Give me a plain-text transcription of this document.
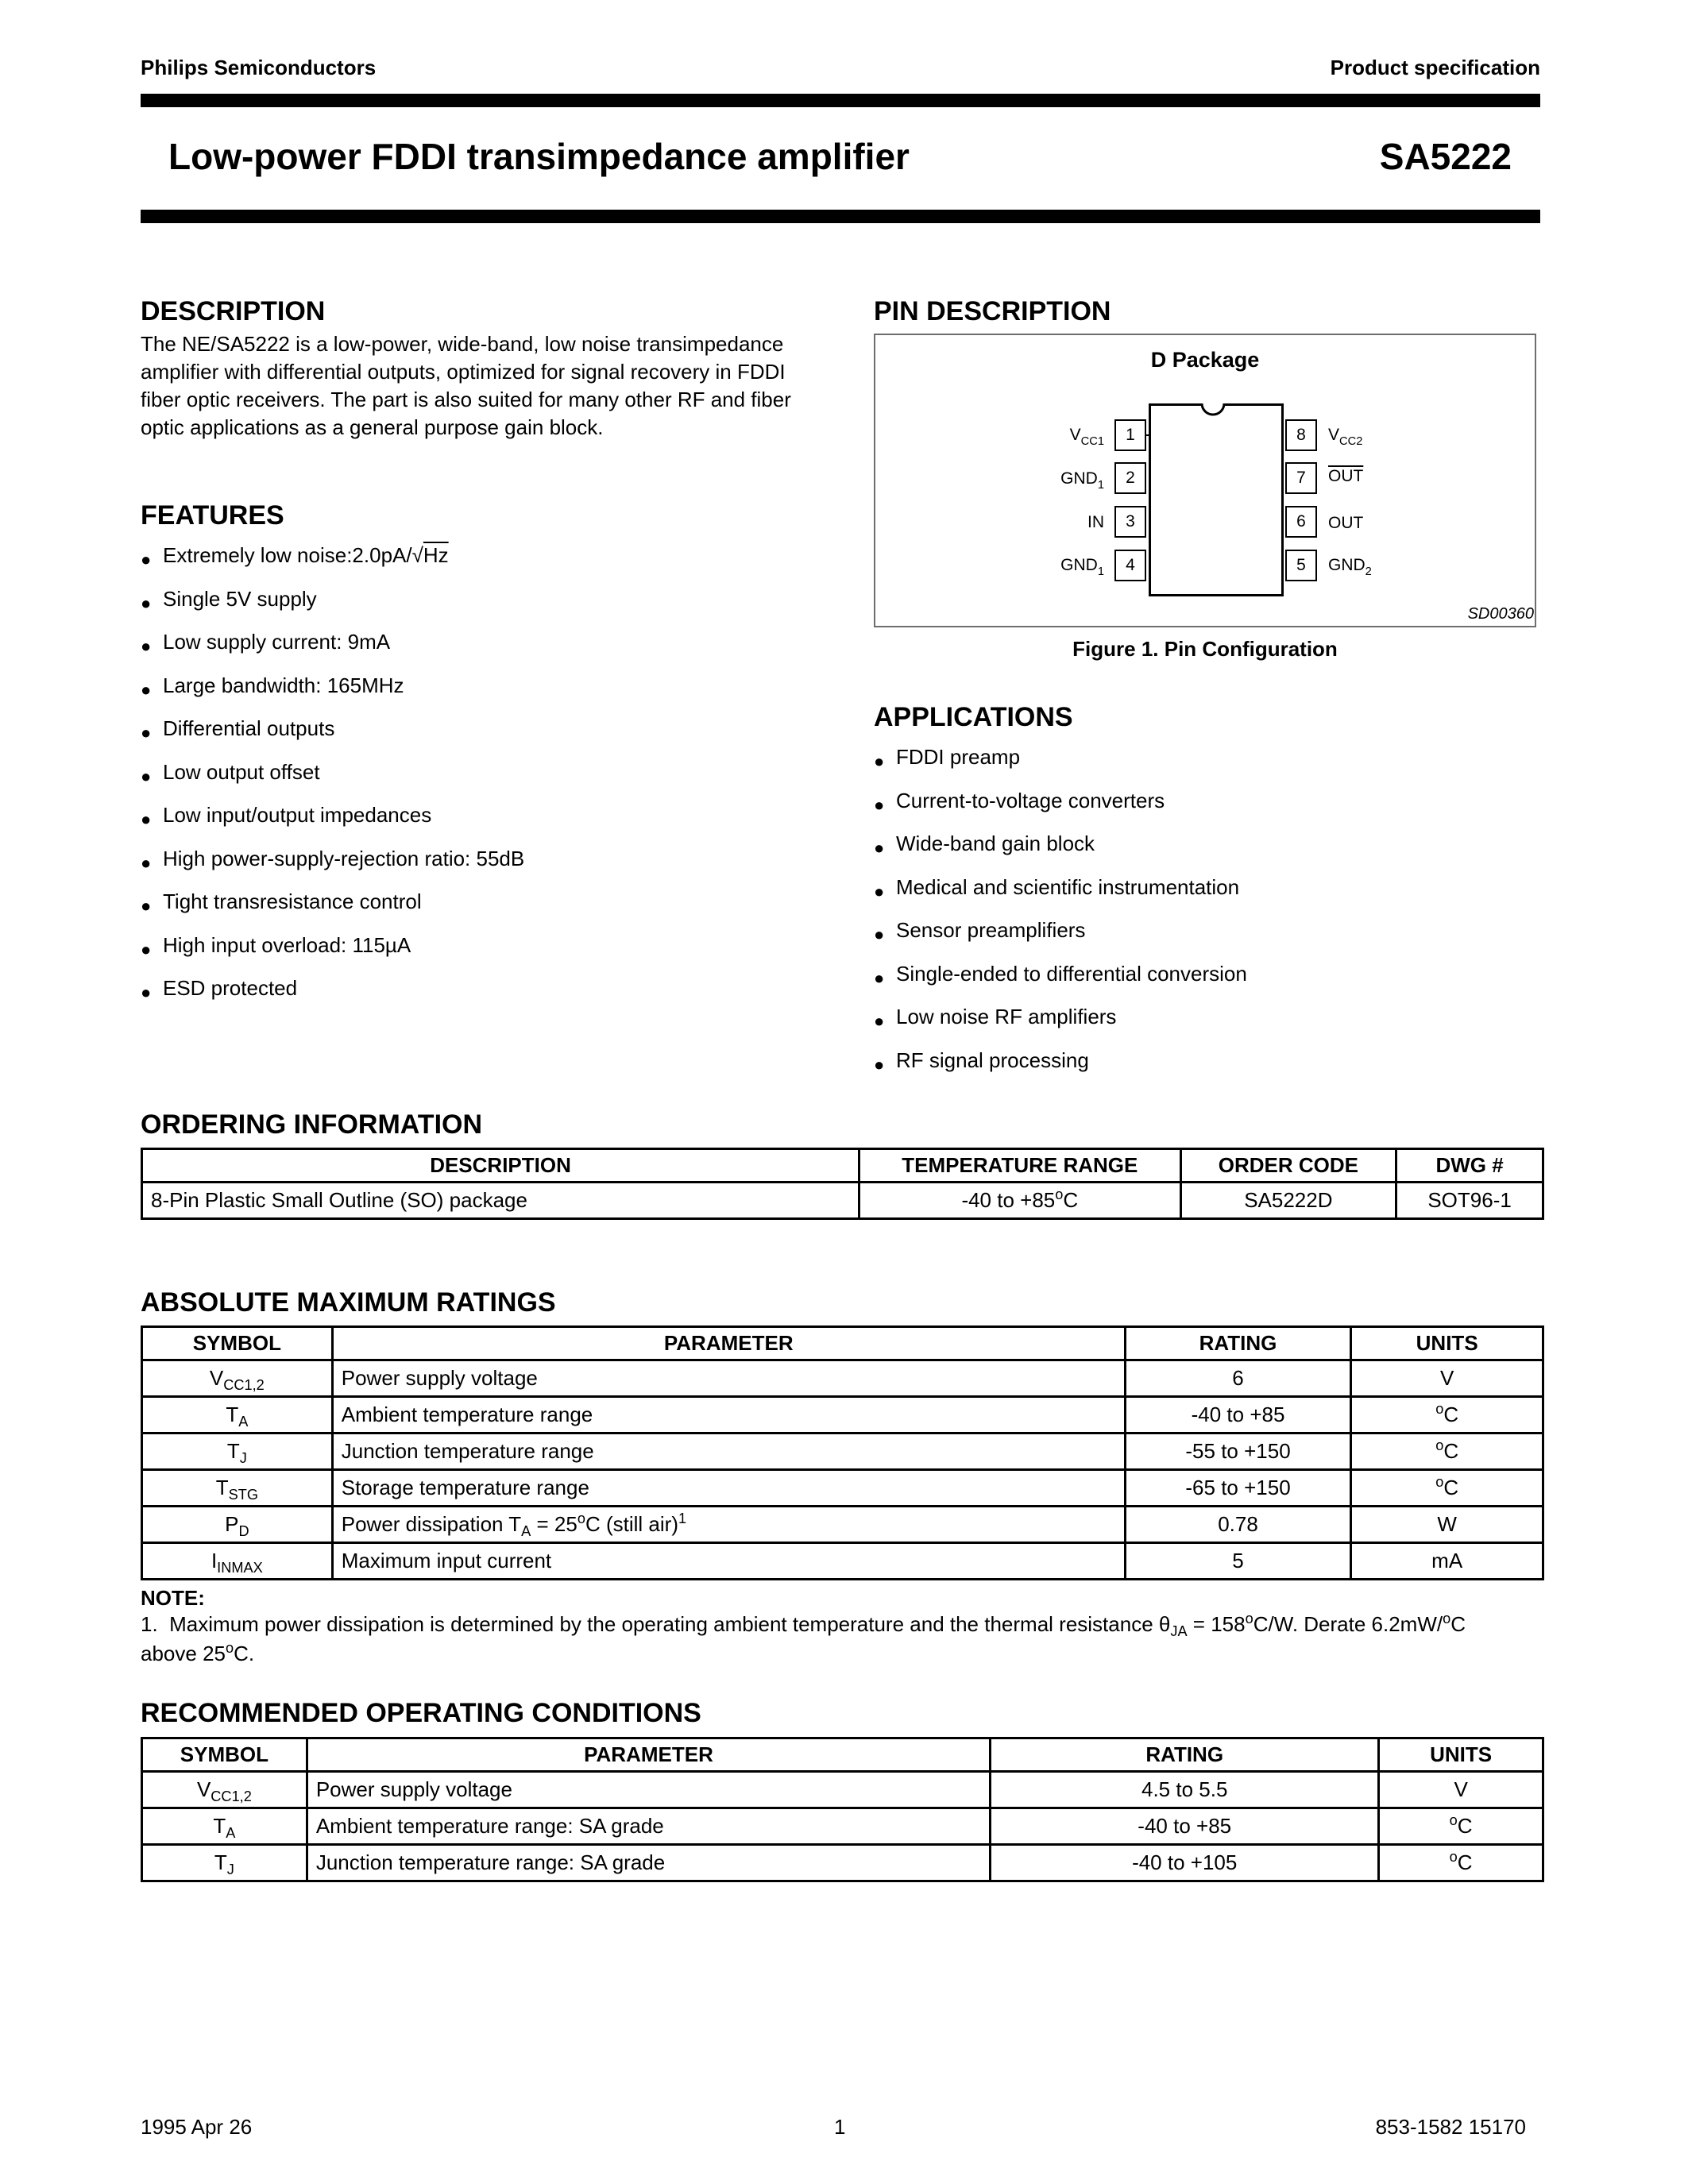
Philips Semiconductors	Product specification
Low-power FDDI transimpedance amplifier	SA5222
DESCRIPTION
The NE/SA5222 is a low-power, wide-band, low noise transimpedance amplifier with differential outputs, optimized for signal recovery in FDDI fiber optic receivers. The part is also suited for many other RF and fiber optic applications as a general purpose gain block.
FEATURES
● Extremely low noise:2.0pA/√Hz
● Single 5V supply
● Low supply current: 9mA
● Large bandwidth: 165MHz
● Differential outputs
● Low output offset
● Low input/output impedances
● High power-supply-rejection ratio: 55dB
● Tight transresistance control
● High input overload: 115µA
● ESD protected
PIN DESCRIPTION
D Package
$V_{CC1}$	1
$GND_1$	2
IN	3
$GND_1$	4
8	$V_{CC2}$
7	$\overline{OUT}$
6	OUT
5	$GND_2$
SD00360
Figure 1. Pin Configuration
APPLICATIONS
● FDDI preamp
● Current-to-voltage converters
● Wide-band gain block
● Medical and scientific instrumentation
● Sensor preamplifiers
● Single-ended to differential conversion
● Low noise RF amplifiers
● RF signal processing
ORDERING INFORMATION
DESCRIPTION	TEMPERATURE RANGE	ORDER CODE	DWG #
8-Pin Plastic Small Outline (SO) package	-40 to $+85^oC$	SA5222D	SOT96-1
ABSOLUTE MAXIMUM RATINGS
SYMBOL	PARAMETER	RATING	UNITS
$V_{CC1,2}$	Power supply voltage	6	V
$T_A$	Ambient temperature range	-40 to +85	$^o$C
$T_J$	Junction temperature range	-55 to +150	$^o$C
$T_{STG}$	Storage temperature range	-65 to +150	$^o$C
$P_D$	Power dissipation $T_A = 25^oC$ (still air)$^1$	0.78	W
$I_{INMAX}$	Maximum input current	5	mA
NOTE:
1. Maximum power dissipation is determined by the operating ambient temperature and the thermal resistance $\theta_{JA} = 158^oC/W$. Derate 6.2mW/$^o$C above 25$^o$C.
RECOMMENDED OPERATING CONDITIONS
SYMBOL	PARAMETER	RATING	UNITS
$V_{CC1,2}$	Power supply voltage	4.5 to 5.5	V
$T_A$	Ambient temperature range: SA grade	-40 to +85	$^o$C
$T_J$	Junction temperature range: SA grade	-40 to +105	$^o$C
1995 Apr 26	1	853-1582 15170
